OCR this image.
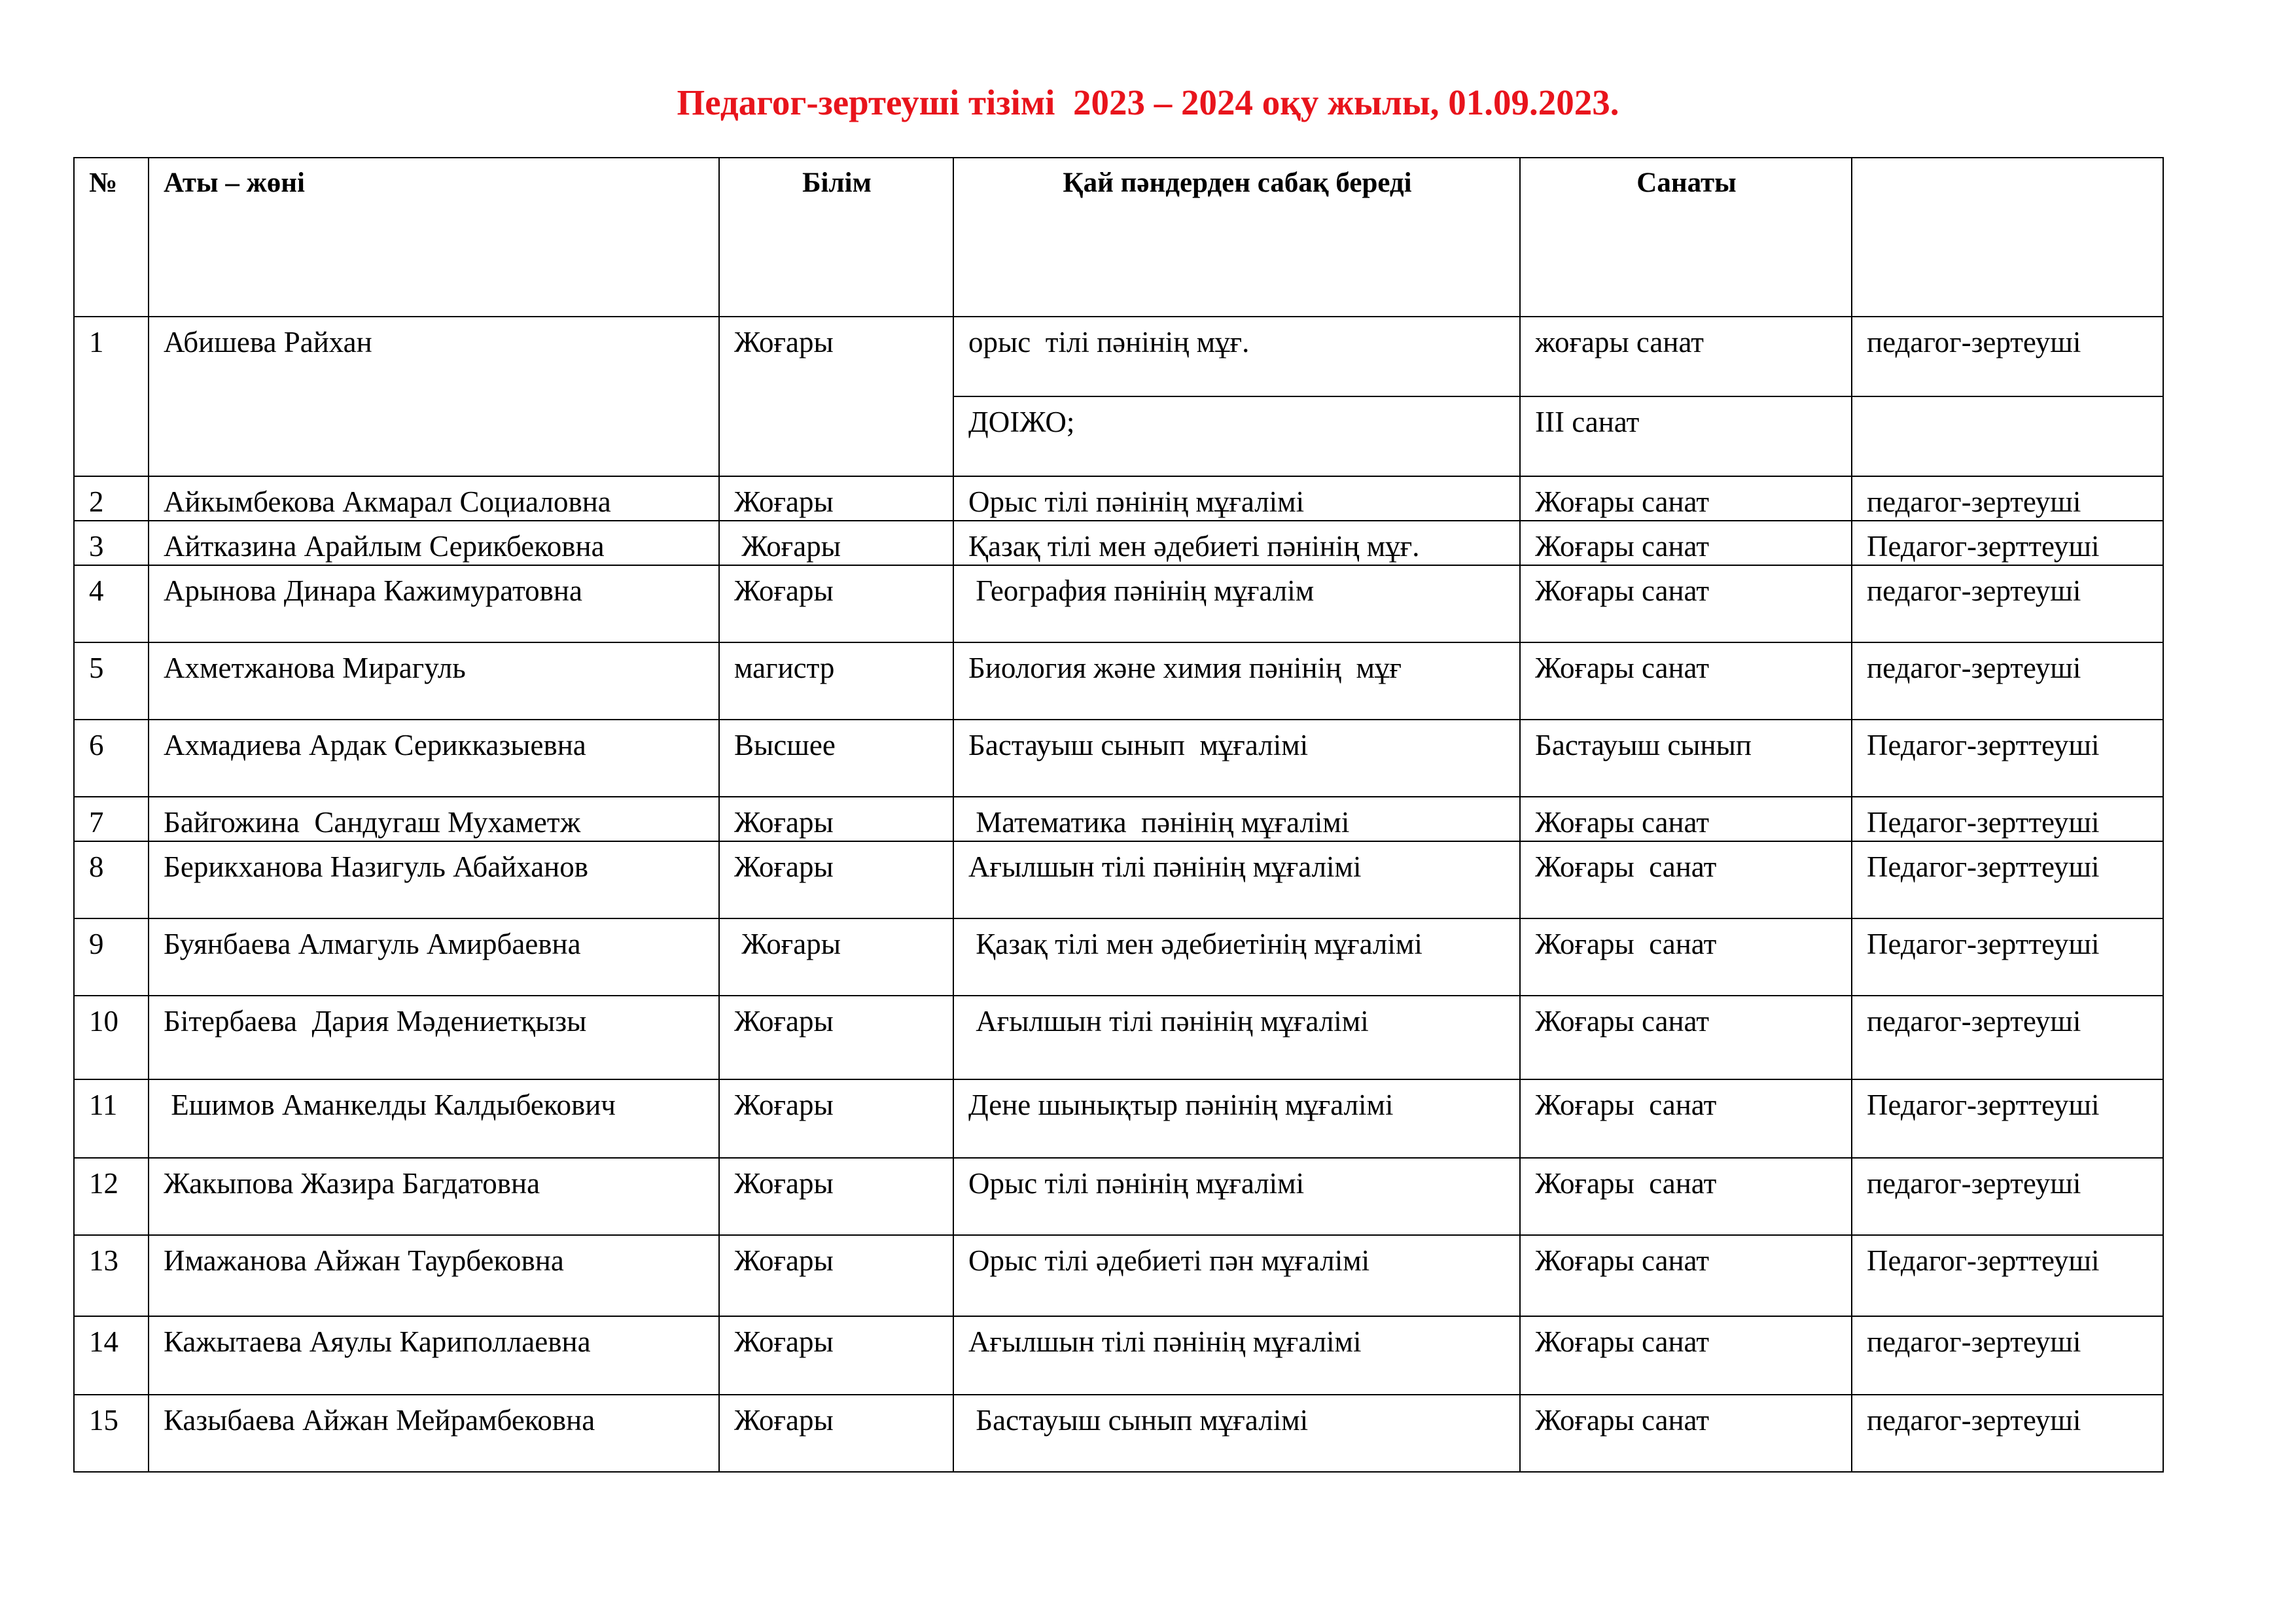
Педагог-зертеуші тізімі  2023 – 2024 оқу жылы, 01.09.2023.
№	Аты – жөні	Білім	Қай пәндерден сабақ береді	Санаты	
1	Абишева Райхан	Жоғары	орыс  тілі пәнінің мұғ.	жоғары санат	педагог-зертеуші
			ДОІЖО;	ІІІ санат	
2	Айкымбекова Акмарал Социаловна	Жоғары	Орыс тілі пәнінің мұғалімі	Жоғары санат	педагог-зертеуші
3	Айтказина Арайлым Серикбековна	Жоғары	Қазақ тілі мен әдебиеті пәнінің мұғ.	Жоғары санат	Педагог-зерттеуші
4	Арынова Динара Кажимуратовна	Жоғары	География пәнінің мұғалім	Жоғары санат	педагог-зертеуші
5	Ахметжанова Мирагуль	магистр	Биология және химия пәнінің  мұғ	Жоғары санат	педагог-зертеуші
6	Ахмадиева Ардак Серикказыевна	Высшее	Бастауыш сынып  мұғалімі	Бастауыш сынып	Педагог-зерттеуші
7	Байгожина  Сандугаш Мухаметж	Жоғары	Математика  пәнінің мұғалімі	Жоғары санат	Педагог-зерттеуші
8	Берикханова Назигуль Абайханов	Жоғары	Ағылшын тілі пәнінің мұғалімі	Жоғары  санат	Педагог-зерттеуші
9	Буянбаева Алмагуль Амирбаевна	Жоғары	Қазақ тілі мен әдебиетінің мұғалімі	Жоғары  санат	Педагог-зерттеуші
10	Бітербаева  Дария Мәдениетқызы	Жоғары	Ағылшын тілі пәнінің мұғалімі	Жоғары санат	педагог-зертеуші
11	Ешимов Аманкелды Калдыбекович	Жоғары	Дене шынықтыр пәнінің мұғалімі	Жоғары  санат	Педагог-зерттеуші
12	Жакыпова Жазира Багдатовна	Жоғары	Орыс тілі пәнінің мұғалімі	Жоғары  санат	педагог-зертеуші
13	Имажанова Айжан Таурбековна	Жоғары	Орыс тілі әдебиеті пән мұғалімі	Жоғары санат	Педагог-зерттеуші
14	Кажытаева Аяулы Кариполлаевна	Жоғары	Ағылшын тілі пәнінің мұғалімі	Жоғары санат	педагог-зертеуші
15	Казыбаева Айжан Мейрамбековна	Жоғары	Бастауыш сынып мұғалімі	Жоғары санат	педагог-зертеуші
